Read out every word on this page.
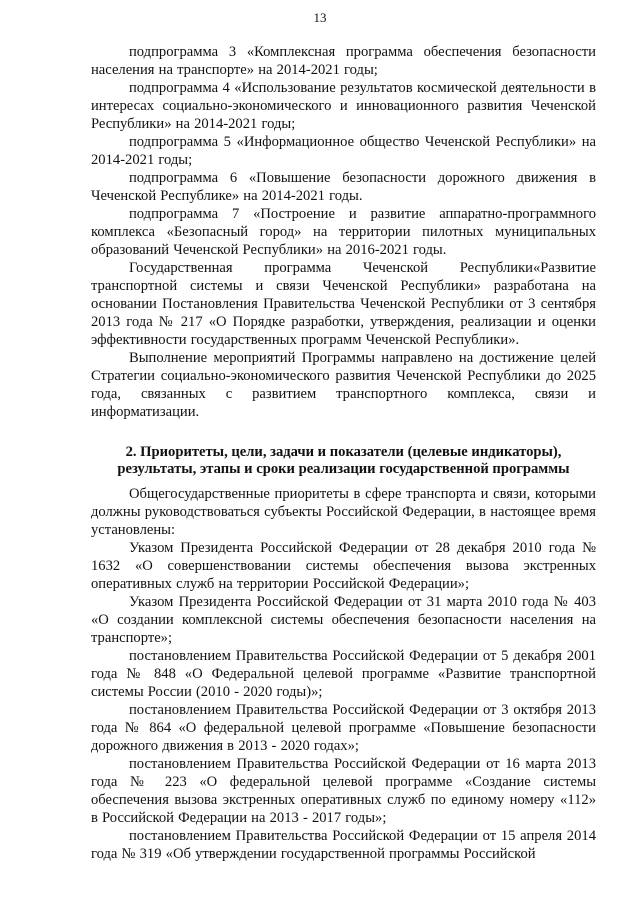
13

подпрограмма 3 «Комплексная программа обеспечения безопасности населения на транспорте» на 2014-2021 годы;

подпрограмма 4 «Использование результатов космической деятельности в интересах социально-экономического и инновационного развития Чеченской Республики» на 2014-2021 годы;

подпрограмма 5 «Информационное общество Чеченской Республики» на 2014-2021 годы;

подпрограмма 6 «Повышение безопасности дорожного движения в Чеченской Республике» на 2014-2021 годы.

подпрограмма 7 «Построение и развитие аппаратно-программного комплекса «Безопасный город» на территории пилотных муниципальных образований Чеченской Республики» на 2016-2021 годы.

Государственная программа Чеченской Республики«Развитие транспортной системы и связи Чеченской Республики» разработана на основании Постановления Правительства Чеченской Республики от 3 сентября 2013 года № 217 «О Порядке разработки, утверждения, реализации и оценки эффективности государственных программ Чеченской Республики».

Выполнение мероприятий Программы направлено на достижение целей Стратегии социально-экономического развития Чеченской Республики до 2025 года, связанных с развитием транспортного комплекса, связи и информатизации.

2. Приоритеты, цели, задачи и показатели (целевые индикаторы),
результаты, этапы и сроки реализации государственной программы

Общегосударственные приоритеты в сфере транспорта и связи, которыми должны руководствоваться субъекты Российской Федерации, в настоящее время установлены:

Указом Президента Российской Федерации от 28 декабря 2010 года № 1632 «О совершенствовании системы обеспечения вызова экстренных оперативных служб на территории Российской Федерации»;

Указом Президента Российской Федерации от 31 марта 2010 года № 403 «О создании комплексной системы обеспечения безопасности населения на транспорте»;

постановлением Правительства Российской Федерации от 5 декабря 2001 года № 848 «О Федеральной целевой программе «Развитие транспортной системы России (2010 - 2020 годы)»;

постановлением Правительства Российской Федерации от 3 октября 2013 года № 864 «О федеральной целевой программе «Повышение безопасности дорожного движения в 2013 - 2020 годах»;

постановлением Правительства Российской Федерации от 16 марта 2013 года № 223 «О федеральной целевой программе «Создание системы обеспечения вызова экстренных оперативных служб по единому номеру «112» в Российской Федерации на 2013 - 2017 годы»;

постановлением Правительства Российской Федерации от 15 апреля 2014 года № 319 «Об утверждении государственной программы Российской
